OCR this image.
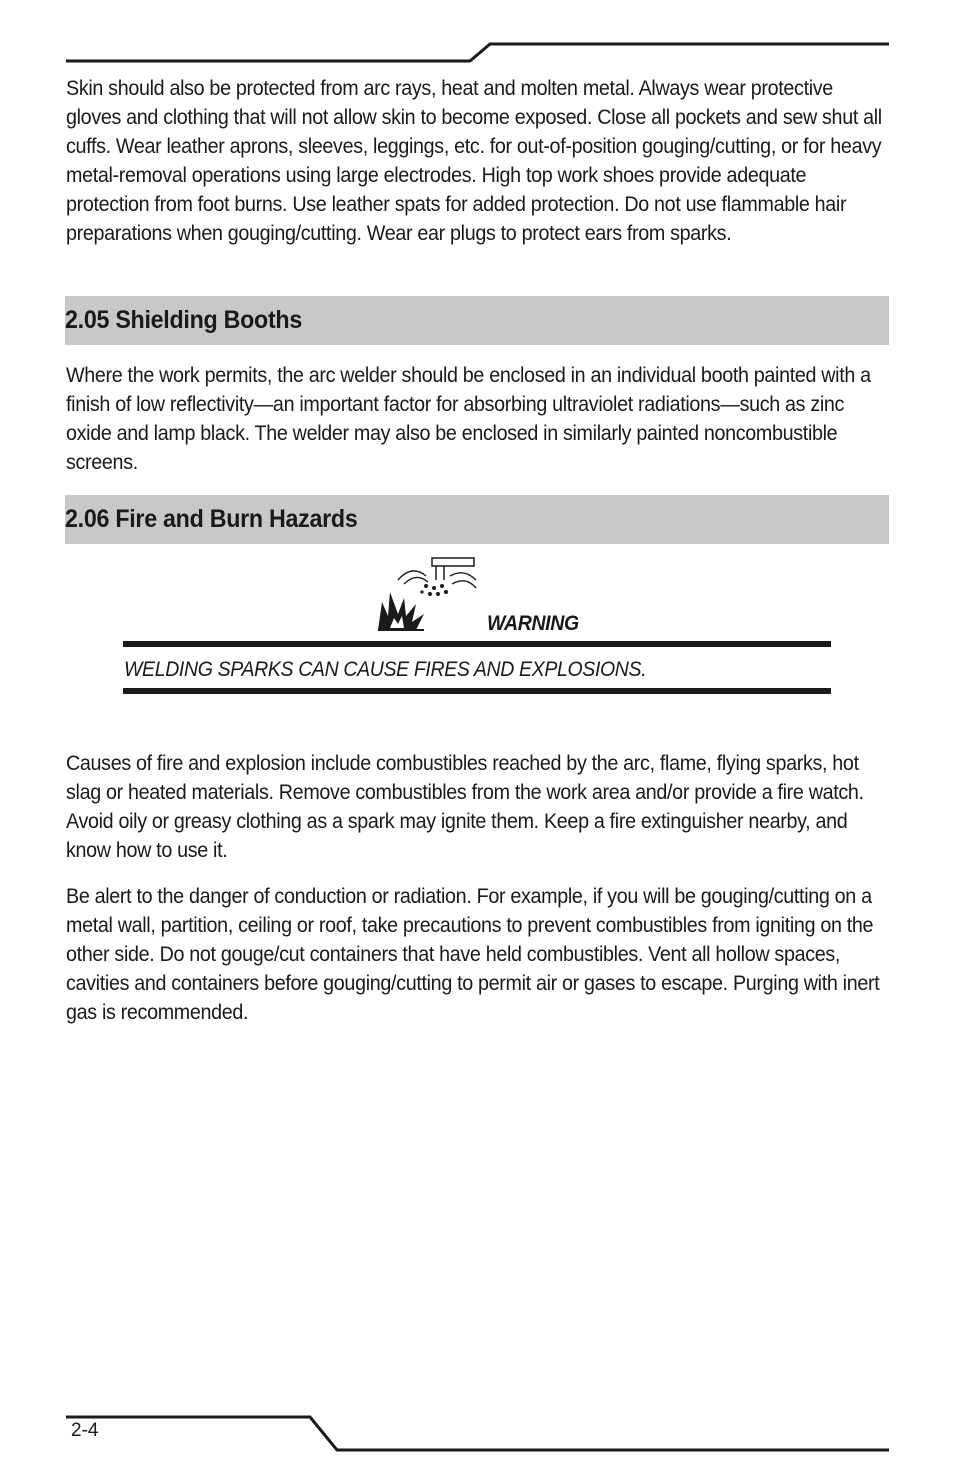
Skin should also be protected from arc rays, heat and molten metal. Always wear protective gloves and clothing that will not allow skin to become exposed. Close all pockets and sew shut all cuffs. Wear leather aprons, sleeves, leggings, etc. for out-of-position gouging/cutting, or for heavy metal-removal operations using large electrodes. High top work shoes provide adequate protection from foot burns. Use leather spats for added protection. Do not use flammable hair preparations when gouging/cutting. Wear ear plugs to protect ears from sparks.

2.05 Shielding Booths

Where the work permits, the arc welder should be enclosed in an individual booth painted with a finish of low reflectivity—an important factor for absorbing ultraviolet radiations—such as zinc oxide and lamp black. The welder may also be enclosed in similarly painted noncombustible screens.

2.06 Fire and Burn Hazards
WARNING
WELDING SPARKS CAN CAUSE FIRES AND EXPLOSIONS.

Causes of fire and explosion include combustibles reached by the arc, flame, flying sparks, hot slag or heated materials. Remove combustibles from the work area and/or provide a fire watch. Avoid oily or greasy clothing as a spark may ignite them. Keep a fire extinguisher nearby, and know how to use it.

Be alert to the danger of conduction or radiation. For example, if you will be gouging/cutting on a metal wall, partition, ceiling or roof, take precautions to prevent combustibles from igniting on the other side. Do not gouge/cut containers that have held combustibles. Vent all hollow spaces, cavities and containers before gouging/cutting to permit air or gases to escape. Purging with inert gas is recommended.

2-4
